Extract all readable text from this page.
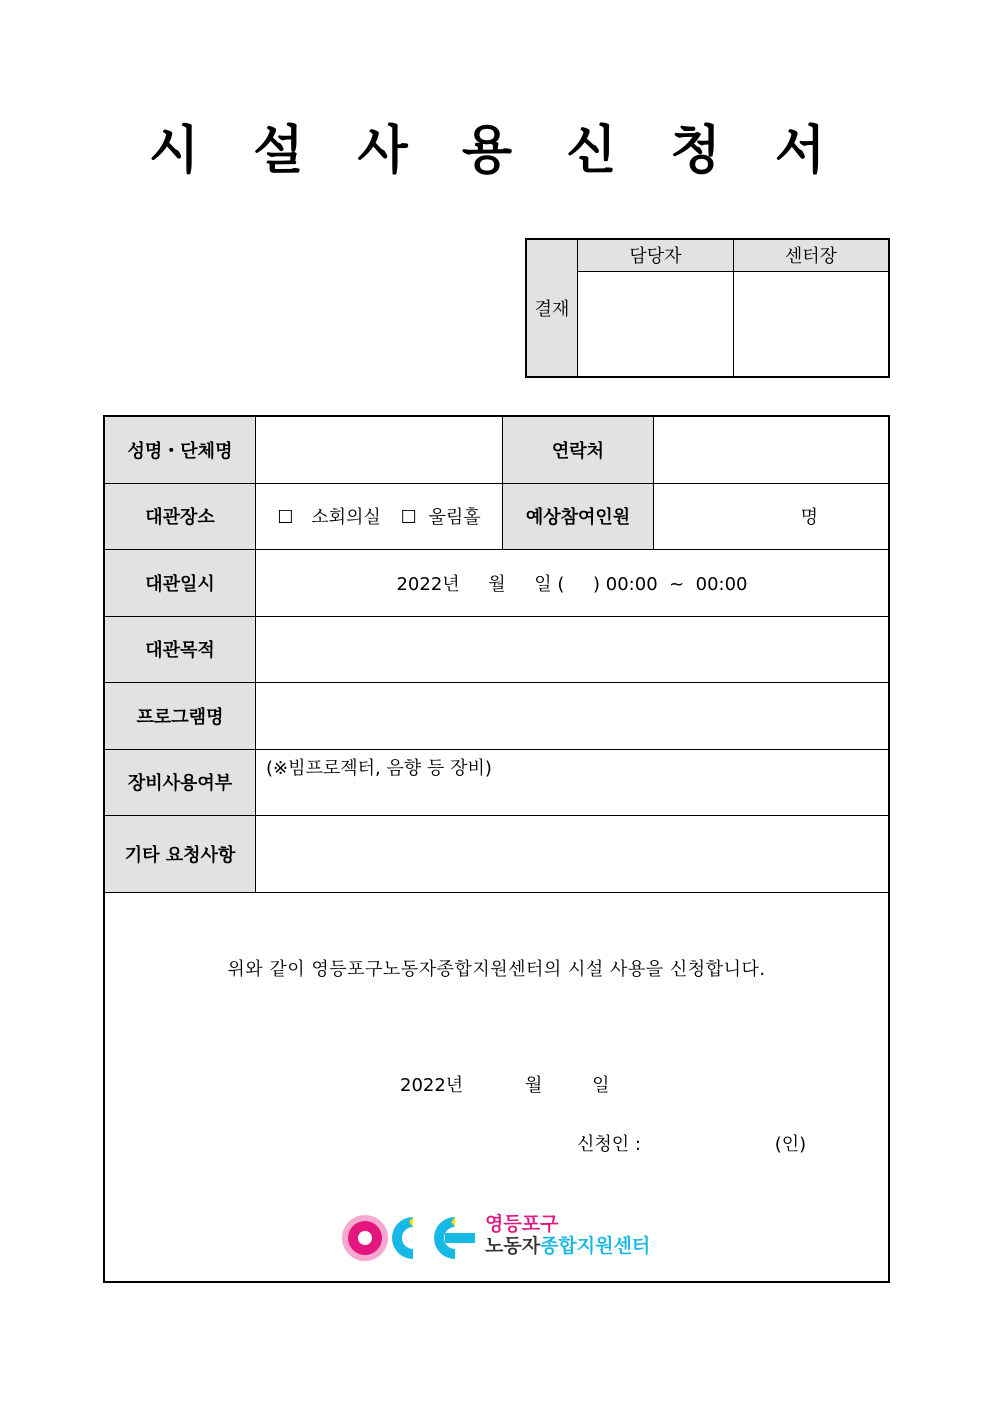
시 설 사 용 신 청 서
결재	담당자	센터장

성명・단체명		연락처	
대관장소	☐ 소회의실 ☐ 울림홀	예상참여인원	명
대관일시	2022년     월     일 (     ) 00:00  ~  00:00		
대관목적			
프로그램명			
장비사용여부	(※빔프로젝터, 음향 등 장비)		
기타 요청사항			

위와 같이 영등포구노동자종합지원센터의 시설 사용을 신청합니다.
2022년 월 일
신청인 : (인)
영등포구
노동자종합지원센터			
